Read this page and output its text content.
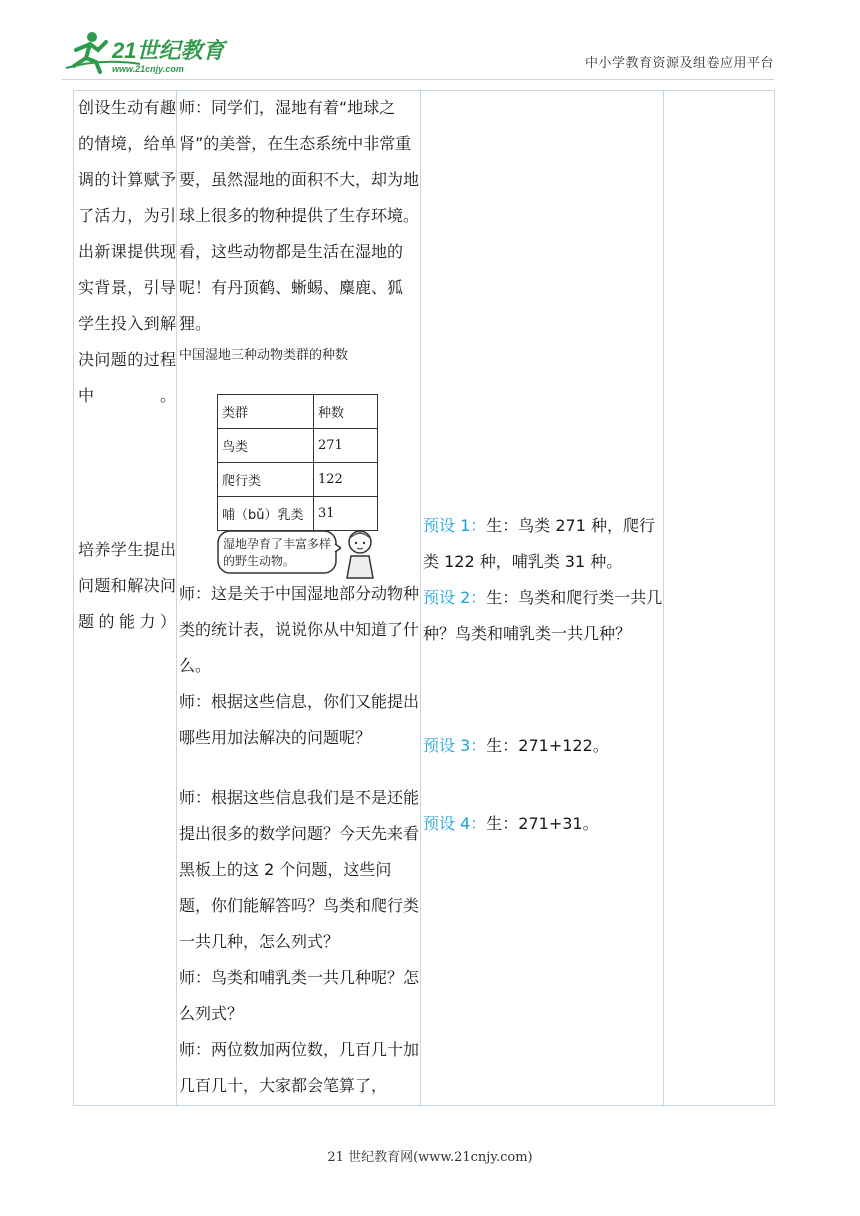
21世纪教育
www.21cnjy.com	中小学教育资源及组卷应用平台
创设生动有趣的情境，给单调的计算赋予了活力，为引出新课提供现实背景，引导学生投入到解决问题的过程中。
培养学生提出问题和解决问题的能力）
师：同学们，湿地有着“地球之肾”的美誉，在生态系统中非常重要，虽然湿地的面积不大，却为地球上很多的物种提供了生存环境。看，这些动物都是生活在湿地的呢！有丹顶鹤、蜥蜴、麋鹿、狐狸。
中国湿地三种动物类群的种数
类群	种数
鸟类	271
爬行类	122
哺（bǔ）乳类	31
湿地孕育了丰富多样的野生动物。
师：这是关于中国湿地部分动物种类的统计表，说说你从中知道了什么。
师：根据这些信息，你们又能提出哪些用加法解决的问题呢？
师：根据这些信息我们是不是还能提出很多的数学问题？今天先来看黑板上的这 2 个问题，这些问题，你们能解答吗？鸟类和爬行类一共几种，怎么列式？
师：鸟类和哺乳类一共几种呢？怎么列式？
师：两位数加两位数，几百几十加几百几十，大家都会笔算了，
预设 1：生：鸟类 271 种，爬行类 122 种，哺乳类 31 种。
预设 2：生：鸟类和爬行类一共几种？鸟类和哺乳类一共几种？
预设 3：生：271+122。
预设 4：生：271+31。
21 世纪教育网(www.21cnjy.com)
